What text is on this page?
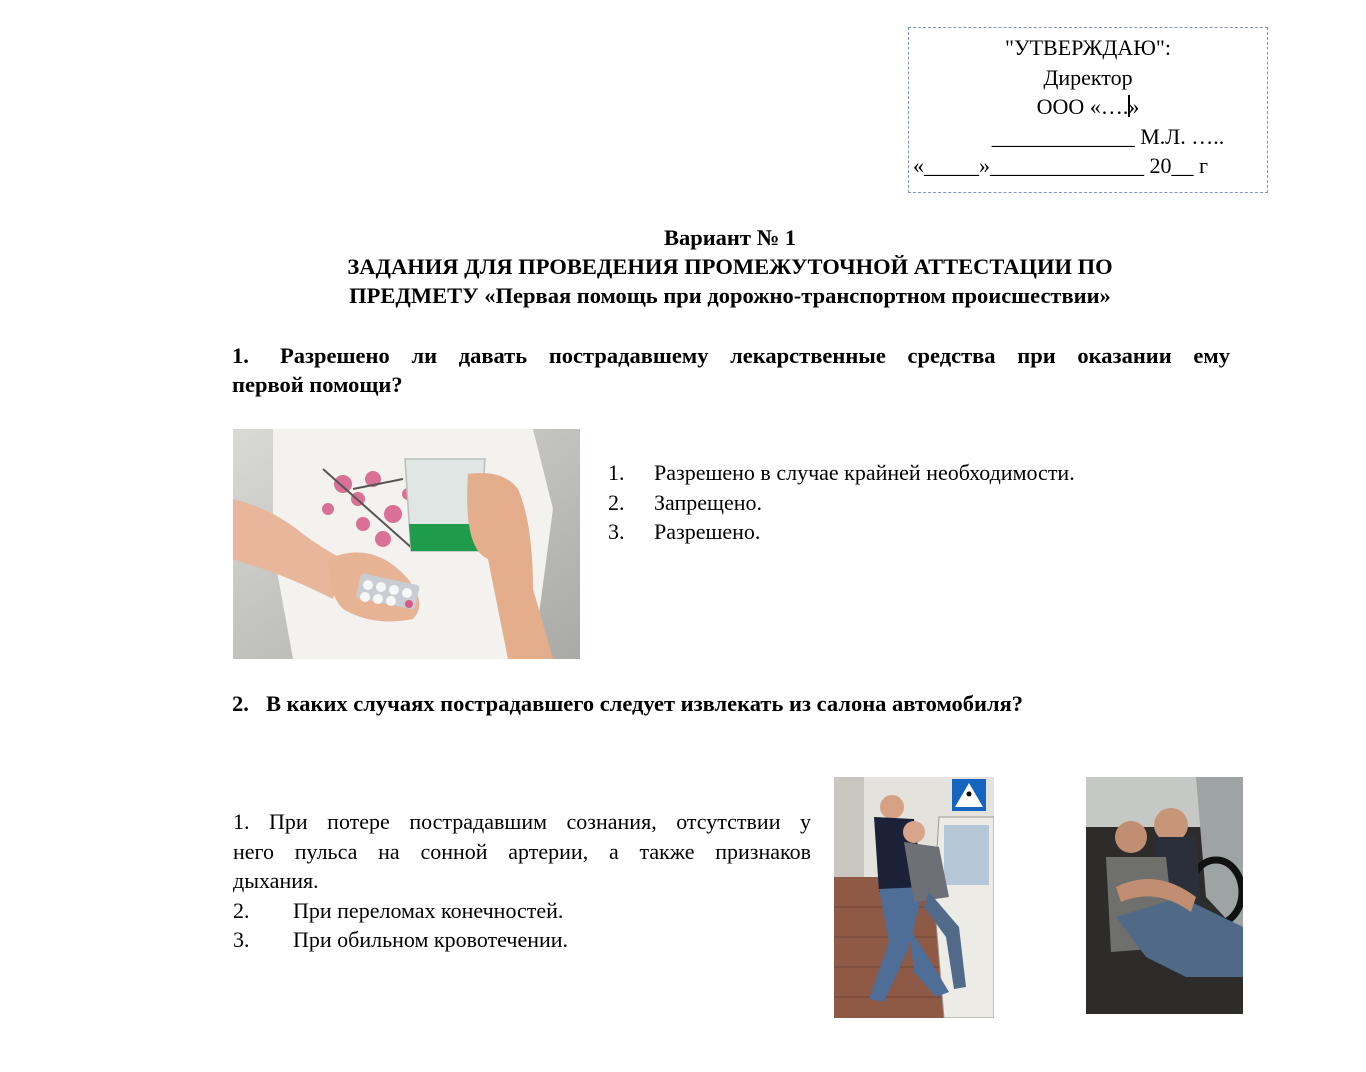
"УТВЕРЖДАЮ":
Директор
ООО «….»
_____________ М.Л. …..
«_____»______________ 20__ г
Вариант № 1
ЗАДАНИЯ ДЛЯ ПРОВЕДЕНИЯ ПРОМЕЖУТОЧНОЙ АТТЕСТАЦИИ ПО
ПРЕДМЕТУ «Первая помощь при дорожно-транспортном происшествии»
1. Разрешено ли давать пострадавшему лекарственные средства при оказании ему
первой помощи?
1.	Разрешено в случае крайней необходимости.
2.	Запрещено.
3.	Разрешено.
2. В каких случаях пострадавшего следует извлекать из салона автомобиля?
1. При потере пострадавшим сознания, отсутствии у
него пульса на сонной артерии, а также признаков
дыхания.
2.	При переломах конечностей.
3.	При обильном кровотечении.
